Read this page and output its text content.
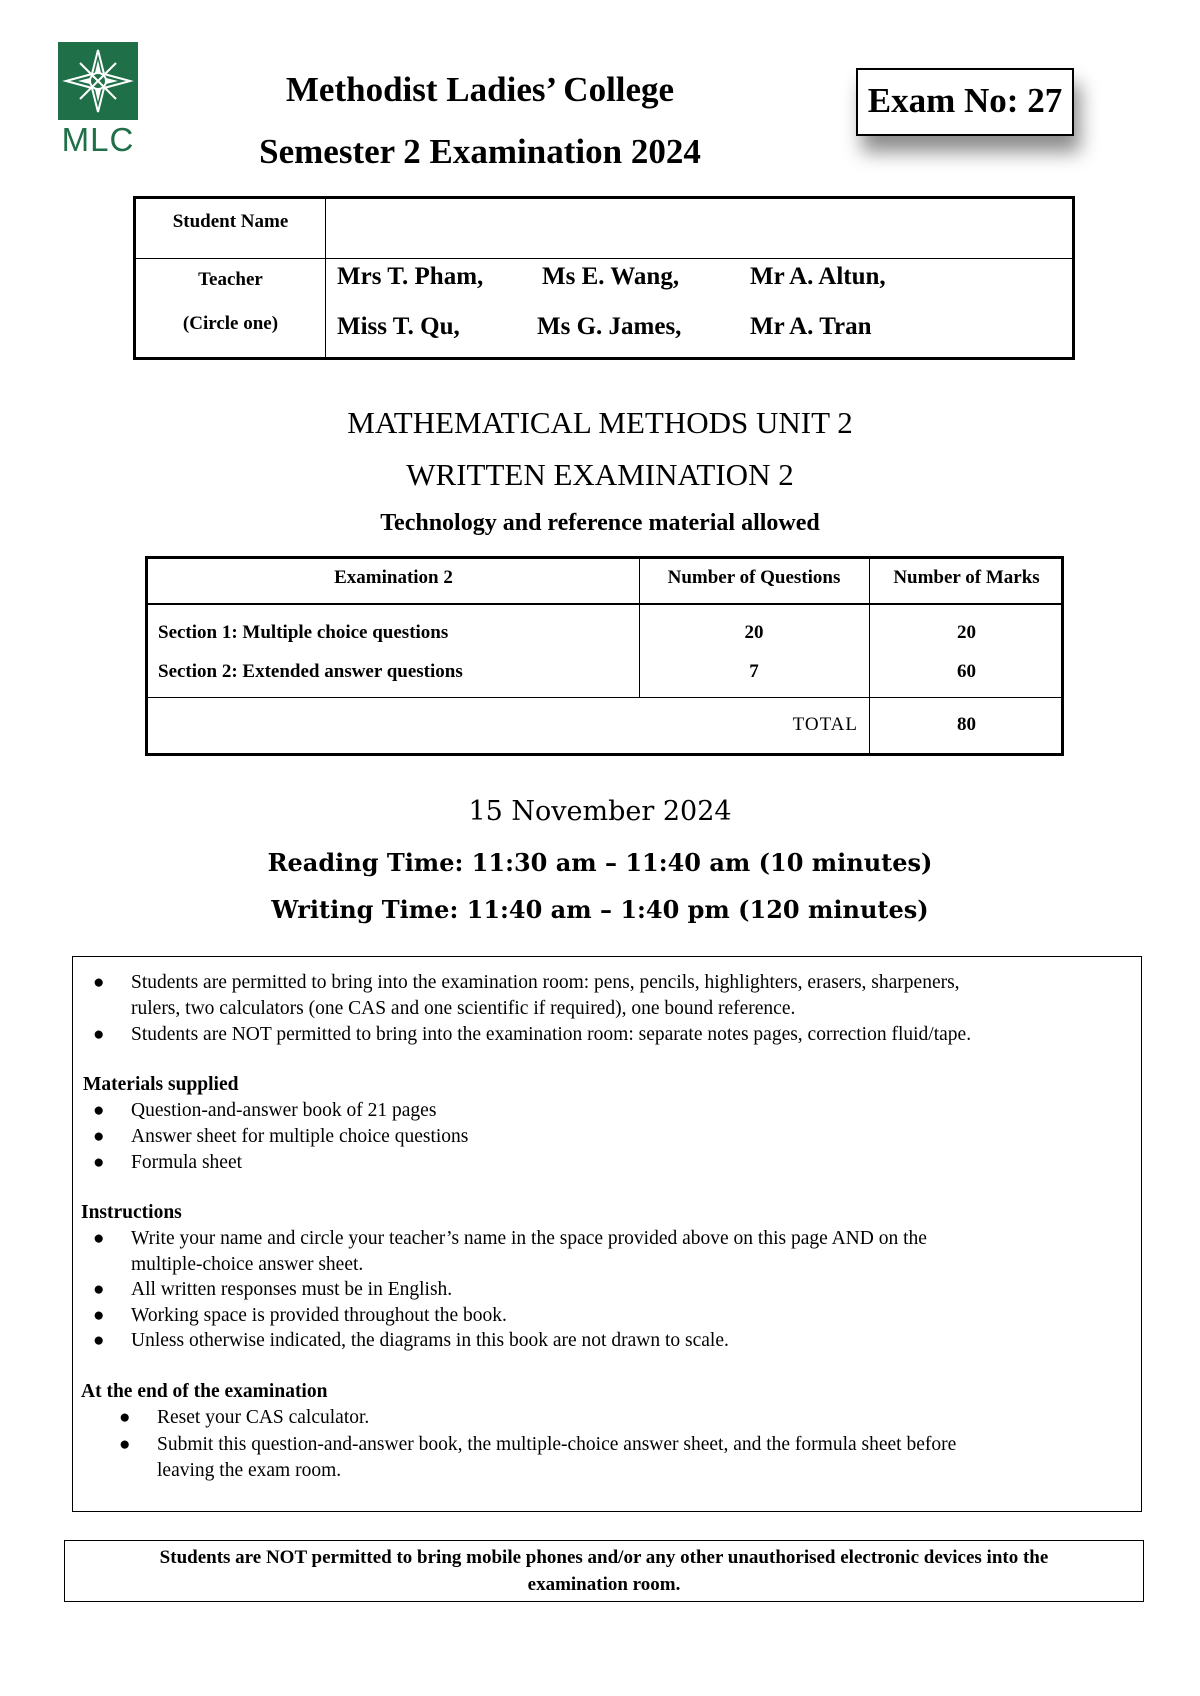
MLC
Methodist Ladies’ College
Semester 2 Examination 2024
Exam No: 27
Student Name
Teacher
(Circle one)
Mrs T. Pham, Ms E. Wang,	Mr A. Altun,
Miss T. Qu,	Ms G. James,	Mr A. Tran
MATHEMATICAL METHODS UNIT 2
WRITTEN EXAMINATION 2
Technology and reference material allowed
Examination 2	Number of Questions	Number of Marks
Section 1: Multiple choice questions	20	20
Section 2: Extended answer questions	7	60
TOTAL	80
15 November 2024
Reading Time: 11:30 am – 11:40 am (10 minutes)
Writing Time: 11:40 am – 1:40 pm (120 minutes)
● Students are permitted to bring into the examination room: pens, pencils, highlighters, erasers, sharpeners,
rulers, two calculators (one CAS and one scientific if required), one bound reference.
● Students are NOT permitted to bring into the examination room: separate notes pages, correction fluid/tape.
Materials supplied
● Question-and-answer book of 21 pages
● Answer sheet for multiple choice questions
● Formula sheet
Instructions
● Write your name and circle your teacher’s name in the space provided above on this page AND on the
multiple-choice answer sheet.
● All written responses must be in English.
● Working space is provided throughout the book.
● Unless otherwise indicated, the diagrams in this book are not drawn to scale.
At the end of the examination
● Reset your CAS calculator.
● Submit this question-and-answer book, the multiple-choice answer sheet, and the formula sheet before
leaving the exam room.
Students are NOT permitted to bring mobile phones and/or any other unauthorised electronic devices into the
examination room.
